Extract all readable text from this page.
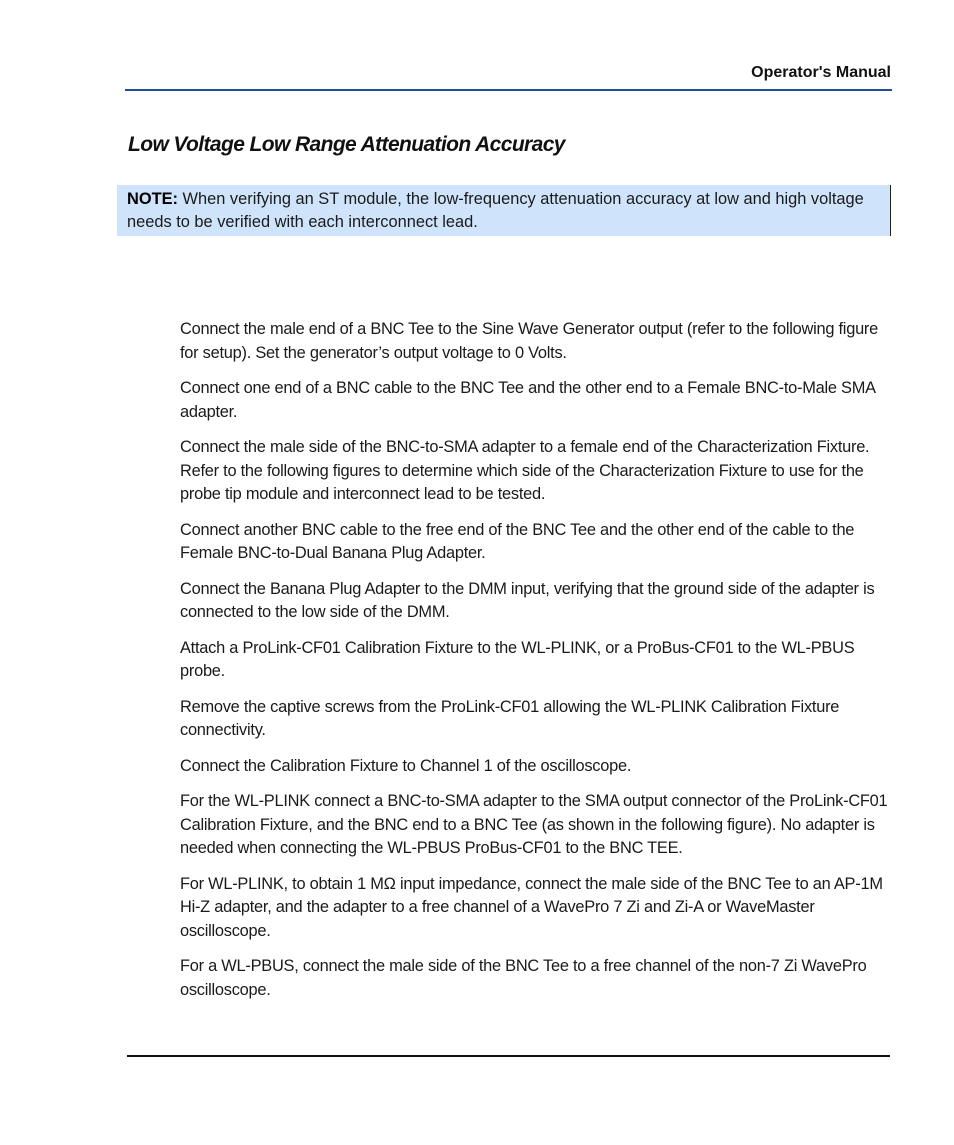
Operator's Manual
Low Voltage Low Range Attenuation Accuracy
NOTE: When verifying an ST module, the low-frequency attenuation accuracy at low and high voltage needs to be verified with each interconnect lead.
Connect the male end of a BNC Tee to the Sine Wave Generator output (refer to the following figure for setup). Set the generator’s output voltage to 0 Volts.
Connect one end of a BNC cable to the BNC Tee and the other end to a Female BNC-to-Male SMA adapter.
Connect the male side of the BNC-to-SMA adapter to a female end of the Characterization Fixture. Refer to the following figures to determine which side of the Characterization Fixture to use for the probe tip module and interconnect lead to be tested.
Connect another BNC cable to the free end of the BNC Tee and the other end of the cable to the Female BNC-to-Dual Banana Plug Adapter.
Connect the Banana Plug Adapter to the DMM input, verifying that the ground side of the adapter is connected to the low side of the DMM.
Attach a ProLink-CF01 Calibration Fixture to the WL-PLINK, or a ProBus-CF01 to the WL-PBUS probe.
Remove the captive screws from the ProLink-CF01 allowing the WL-PLINK Calibration Fixture connectivity.
Connect the Calibration Fixture to Channel 1 of the oscilloscope.
For the WL-PLINK connect a BNC-to-SMA adapter to the SMA output connector of the ProLink-CF01 Calibration Fixture, and the BNC end to a BNC Tee (as shown in the following figure). No adapter is needed when connecting the WL-PBUS ProBus-CF01 to the BNC TEE.
For WL-PLINK, to obtain 1 MΩ input impedance, connect the male side of the BNC Tee to an AP-1M Hi-Z adapter, and the adapter to a free channel of a WavePro 7 Zi and Zi-A or WaveMaster oscilloscope.
For a WL-PBUS, connect the male side of the BNC Tee to a free channel of the non-7 Zi WavePro oscilloscope.
